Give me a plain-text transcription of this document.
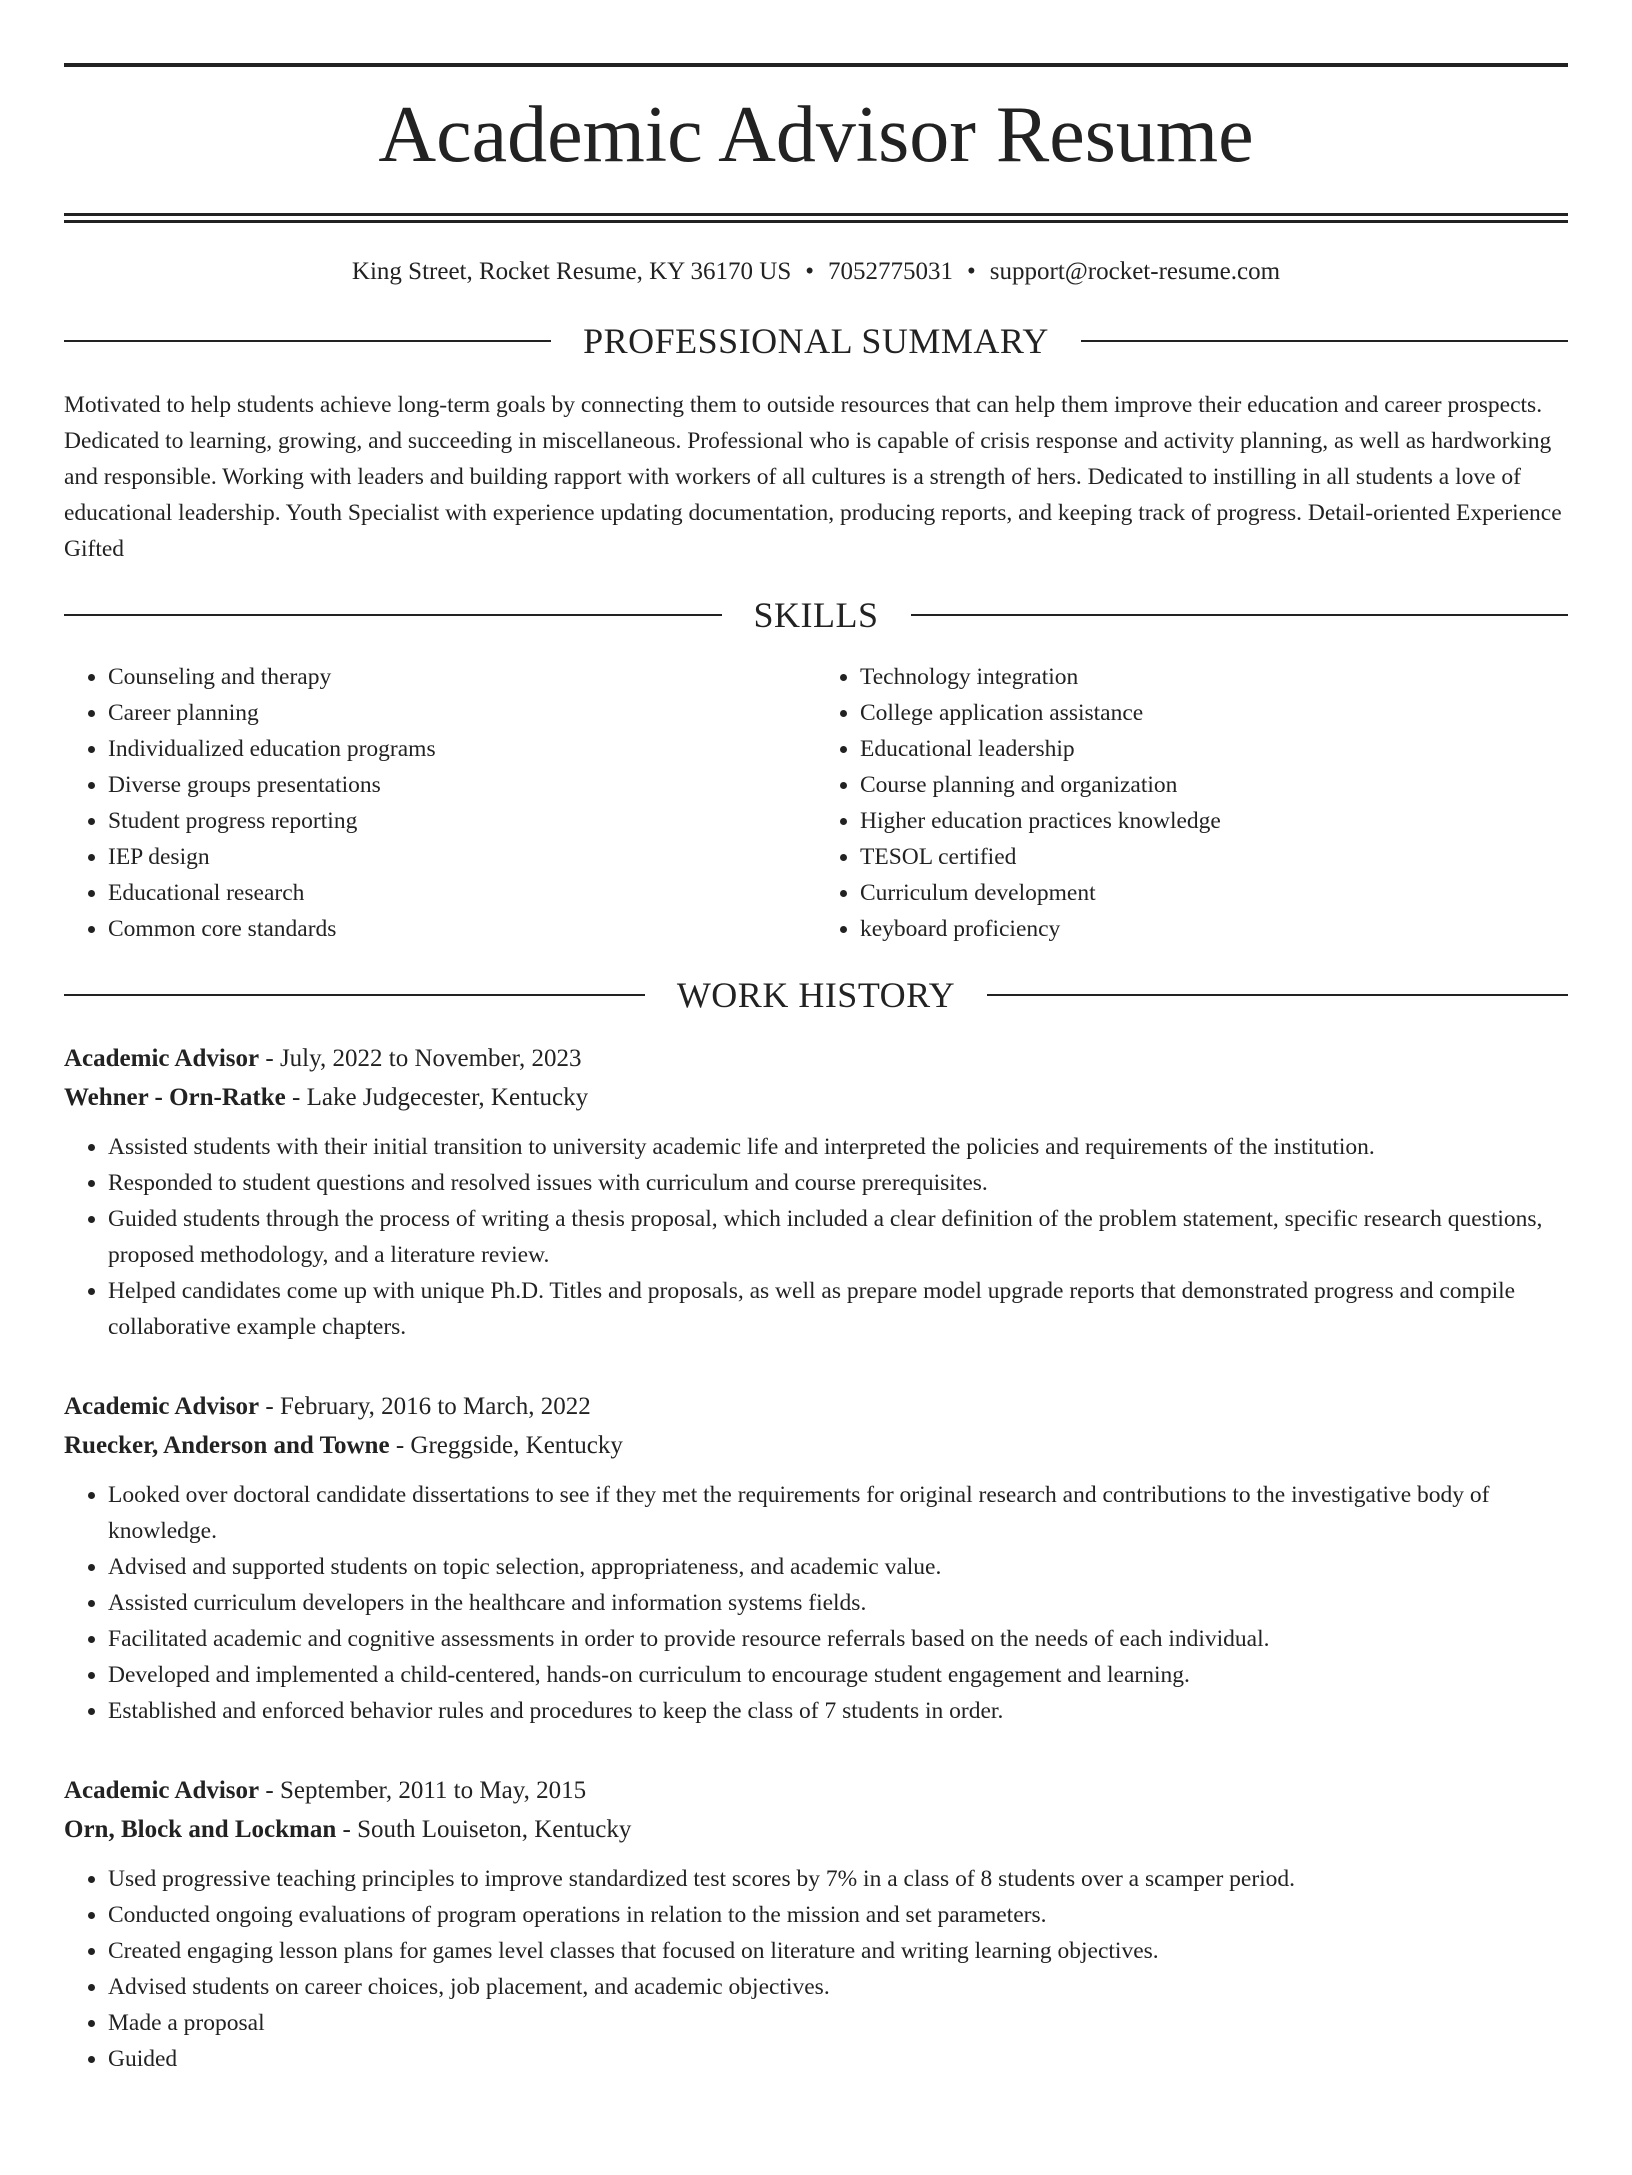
Academic Advisor Resume
King Street, Rocket Resume, KY 36170 US • 7052775031 • support@rocket-resume.com
PROFESSIONAL SUMMARY

Motivated to help students achieve long-term goals by connecting them to outside resources that can help them improve their education and career prospects. Dedicated to learning, growing, and succeeding in miscellaneous. Professional who is capable of crisis response and activity planning, as well as hardworking and responsible. Working with leaders and building rapport with workers of all cultures is a strength of hers. Dedicated to instilling in all students a love of educational leadership. Youth Specialist with experience updating documentation, producing reports, and keeping track of progress. Detail-oriented Experience Gifted

SKILLS
• Counseling and therapy
• Career planning
• Individualized education programs
• Diverse groups presentations
• Student progress reporting
• IEP design
• Educational research
• Common core standards
• Technology integration
• College application assistance
• Educational leadership
• Course planning and organization
• Higher education practices knowledge
• TESOL certified
• Curriculum development
• keyboard proficiency
WORK HISTORY
Academic Advisor - July, 2022 to November, 2023
Wehner - Orn-Ratke - Lake Judgecester, Kentucky
• Assisted students with their initial transition to university academic life and interpreted the policies and requirements of the institution.
• Responded to student questions and resolved issues with curriculum and course prerequisites.
• Guided students through the process of writing a thesis proposal, which included a clear definition of the problem statement, specific research questions, proposed methodology, and a literature review.
• Helped candidates come up with unique Ph.D. Titles and proposals, as well as prepare model upgrade reports that demonstrated progress and compile collaborative example chapters.
Academic Advisor - February, 2016 to March, 2022
Ruecker, Anderson and Towne - Greggside, Kentucky
• Looked over doctoral candidate dissertations to see if they met the requirements for original research and contributions to the investigative body of knowledge.
• Advised and supported students on topic selection, appropriateness, and academic value.
• Assisted curriculum developers in the healthcare and information systems fields.
• Facilitated academic and cognitive assessments in order to provide resource referrals based on the needs of each individual.
• Developed and implemented a child-centered, hands-on curriculum to encourage student engagement and learning.
• Established and enforced behavior rules and procedures to keep the class of 7 students in order.
Academic Advisor - September, 2011 to May, 2015
Orn, Block and Lockman - South Louiseton, Kentucky
• Used progressive teaching principles to improve standardized test scores by 7% in a class of 8 students over a scamper period.
• Conducted ongoing evaluations of program operations in relation to the mission and set parameters.
• Created engaging lesson plans for games level classes that focused on literature and writing learning objectives.
• Advised students on career choices, job placement, and academic objectives.
• Made a proposal
• Guided
